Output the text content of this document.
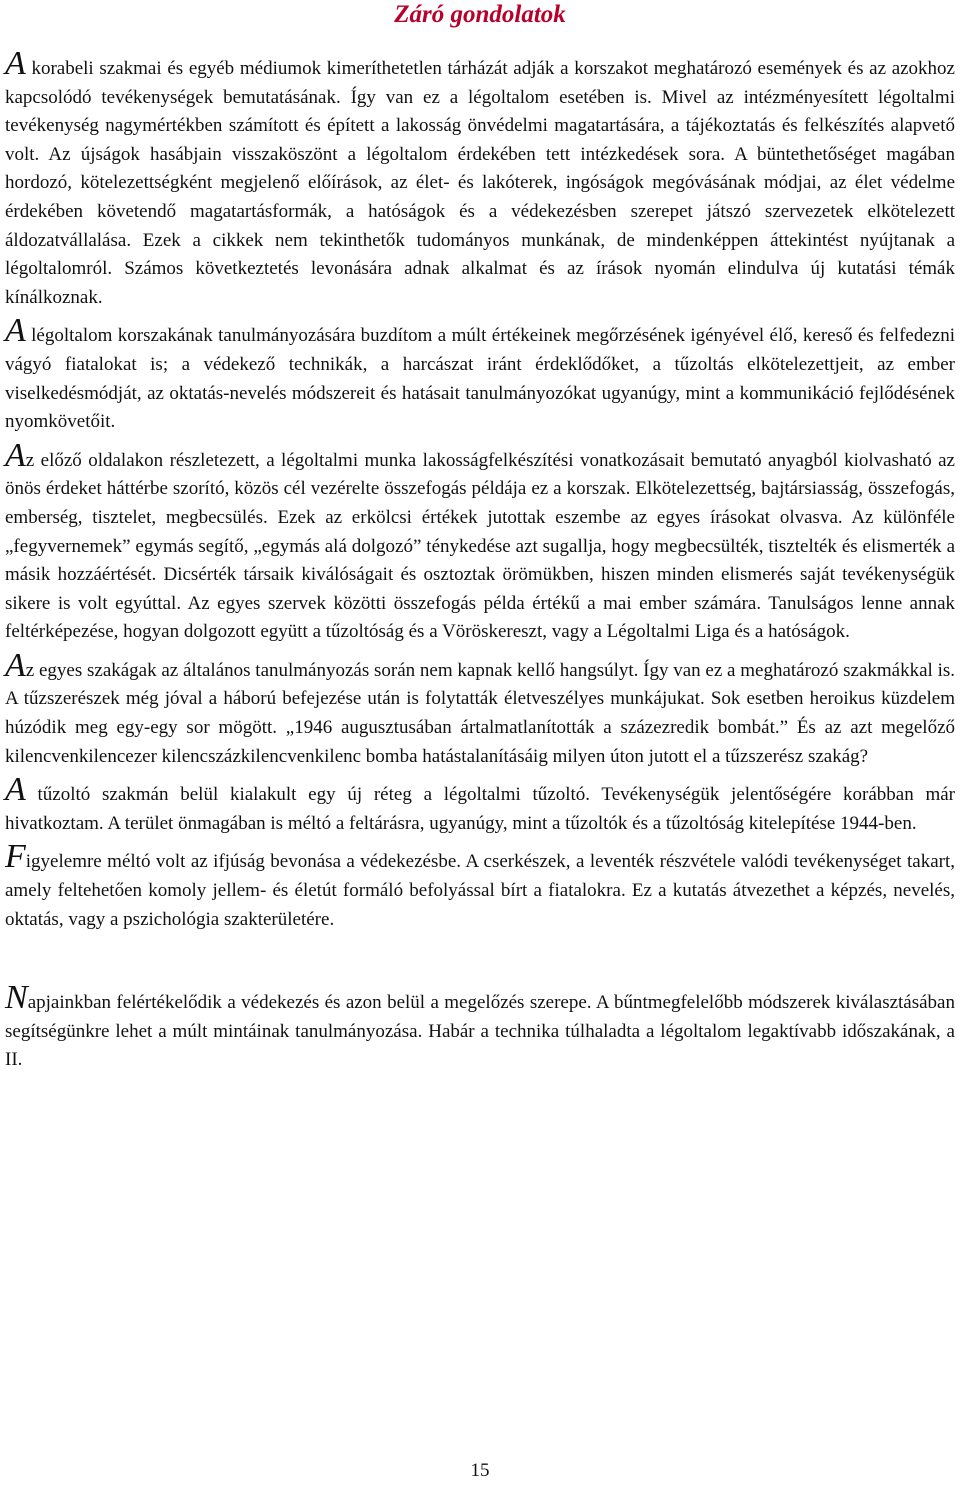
Záró gondolatok

A korabeli szakmai és egyéb médiumok kimeríthetetlen tárházát adják a korszakot meghatározó események és az azokhoz kapcsolódó tevékenységek bemutatásának. Így van ez a légoltalom esetében is. Mivel az intézményesített légoltalmi tevékenység nagymértékben számított és épített a lakosság önvédelmi magatartására, a tájékoztatás és felkészítés alapvető volt. Az újságok hasábjain visszaköszönt a légoltalom érdekében tett intézkedések sora. A büntethetőséget magában hordozó, kötelezettségként megjelenő előírások, az élet- és lakóterek, ingóságok megóvásának módjai, az élet védelme érdekében követendő magatartásformák, a hatóságok és a védekezésben szerepet játszó szervezetek elkötelezett áldozatvállalása. Ezek a cikkek nem tekinthetők tudományos munkának, de mindenképpen áttekintést nyújtanak a légoltalomról. Számos következtetés levonására adnak alkalmat és az írások nyomán elindulva új kutatási témák kínálkoznak.

A légoltalom korszakának tanulmányozására buzdítom a múlt értékeinek megőrzésének igényével élő, kereső és felfedezni vágyó fiatalokat is; a védekező technikák, a harcászat iránt érdeklődőket, a tűzoltás elkötelezettjeit, az ember viselkedésmódját, az oktatás-nevelés módszereit és hatásait tanulmányozókat ugyanúgy, mint a kommunikáció fejlődésének nyomkövetőit.

Az előző oldalakon részletezett, a légoltalmi munka lakosságfelkészítési vonatkozásait bemutató anyagból kiolvasható az önös érdeket háttérbe szorító, közös cél vezérelte összefogás példája ez a korszak. Elkötelezettség, bajtársiasság, összefogás, emberség, tisztelet, megbecsülés. Ezek az erkölcsi értékek jutottak eszembe az egyes írásokat olvasva. Az különféle „fegyvernemek” egymás segítő, „egymás alá dolgozó” ténykedése azt sugallja, hogy megbecsülték, tisztelték és elismerték a másik hozzáértését. Dicsérték társaik kiválóságait és osztoztak örömükben, hiszen minden elismerés saját tevékenységük sikere is volt egyúttal. Az egyes szervek közötti összefogás példa értékű a mai ember számára. Tanulságos lenne annak feltérképezése, hogyan dolgozott együtt a tűzoltóság és a Vöröskereszt, vagy a Légoltalmi Liga és a hatóságok.

Az egyes szakágak az általános tanulmányozás során nem kapnak kellő hangsúlyt. Így van ez a meghatározó szakmákkal is. A tűzszerészek még jóval a háború befejezése után is folytatták életveszélyes munkájukat. Sok esetben heroikus küzdelem húzódik meg egy-egy sor mögött. „1946 augusztusában ártalmatlanították a százezredik bombát.” És az azt megelőző kilencvenkilencezer kilencszázkilencvenkilenc bomba hatástalanításáig milyen úton jutott el a tűzszerész szakág?

A tűzoltó szakmán belül kialakult egy új réteg a légoltalmi tűzoltó. Tevékenységük jelentőségére korábban már hivatkoztam. A terület önmagában is méltó a feltárásra, ugyanúgy, mint a tűzoltók és a tűzoltóság kitelepítése 1944-ben.

Figyelemre méltó volt az ifjúság bevonása a védekezésbe. A cserkészek, a leventék részvétele valódi tevékenységet takart, amely feltehetően komoly jellem- és életút formáló befolyással bírt a fiatalokra. Ez a kutatás átvezethet a képzés, nevelés, oktatás, vagy a pszichológia szakterületére.

Napjainkban felértékelődik a védekezés és azon belül a megelőzés szerepe. A bűntmegfelelőbb módszerek kiválasztásában segítségünkre lehet a múlt mintáinak tanulmányozása. Habár a technika túlhaladta a légoltalom legaktívabb időszakának, a II.

15
